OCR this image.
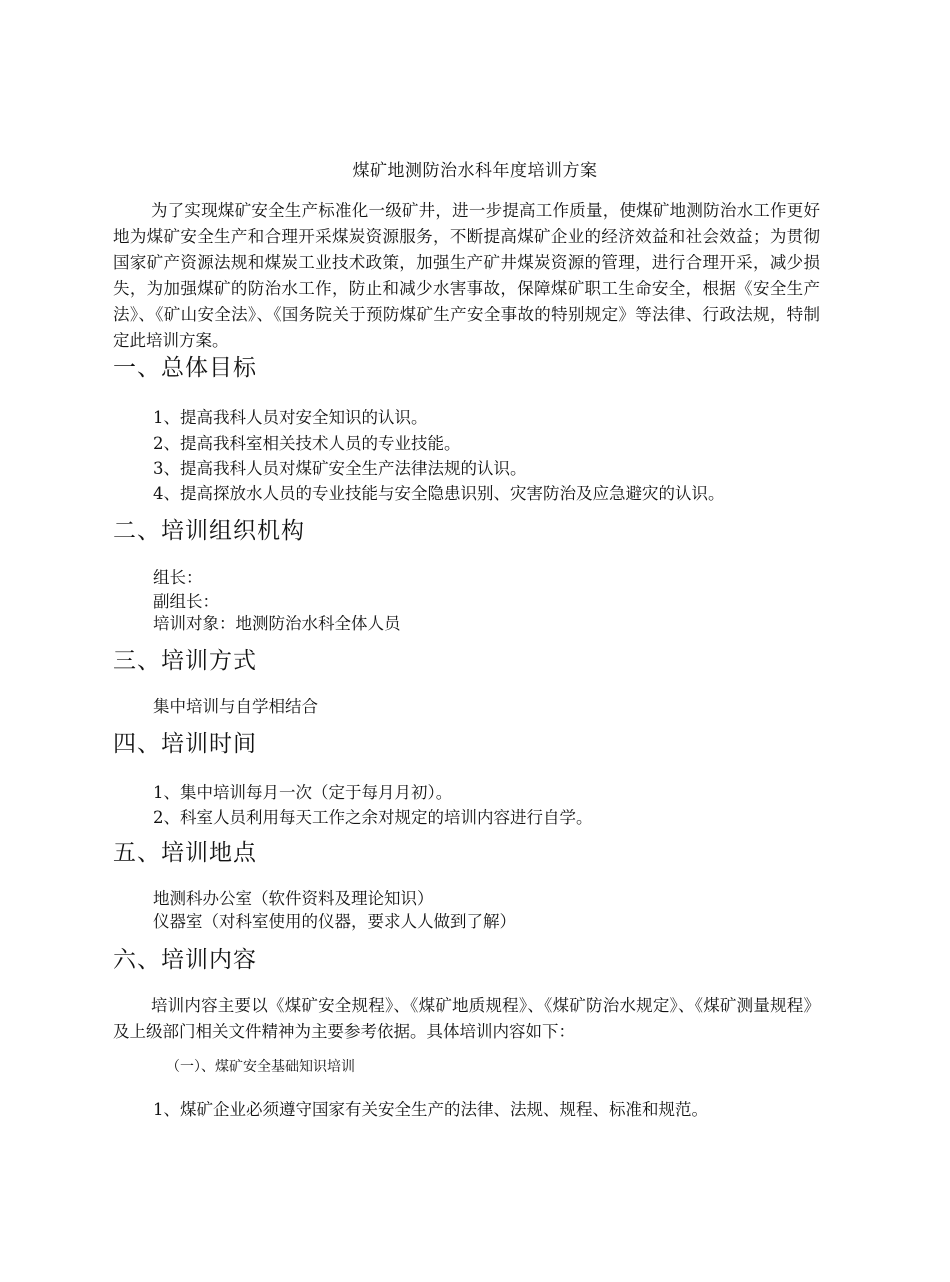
煤矿地测防治水科年度培训方案
为了实现煤矿安全生产标准化一级矿井，进一步提高工作质量，使煤矿地测防治水工作更好地为煤矿安全生产和合理开采煤炭资源服务，不断提高煤矿企业的经济效益和社会效益；为贯彻国家矿产资源法规和煤炭工业技术政策，加强生产矿井煤炭资源的管理，进行合理开采，减少损失，为加强煤矿的防治水工作，防止和减少水害事故，保障煤矿职工生命安全，根据《安全生产法》、《矿山安全法》、《国务院关于预防煤矿生产安全事故的特别规定》等法律、行政法规，特制定此培训方案。
一、总体目标
1、提高我科人员对安全知识的认识。
2、提高我科室相关技术人员的专业技能。
3、提高我科人员对煤矿安全生产法律法规的认识。
4、提高探放水人员的专业技能与安全隐患识别、灾害防治及应急避灾的认识。
二、培训组织机构
组长：
副组长：
培训对象：地测防治水科全体人员
三、培训方式
集中培训与自学相结合
四、培训时间
1、集中培训每月一次（定于每月月初）。
2、科室人员利用每天工作之余对规定的培训内容进行自学。
五、培训地点
地测科办公室（软件资料及理论知识）
仪器室（对科室使用的仪器，要求人人做到了解）
六、培训内容
培训内容主要以《煤矿安全规程》、《煤矿地质规程》、《煤矿防治水规定》、《煤矿测量规程》及上级部门相关文件精神为主要参考依据。具体培训内容如下：
（一）、煤矿安全基础知识培训
1、煤矿企业必须遵守国家有关安全生产的法律、法规、规程、标准和规范。
